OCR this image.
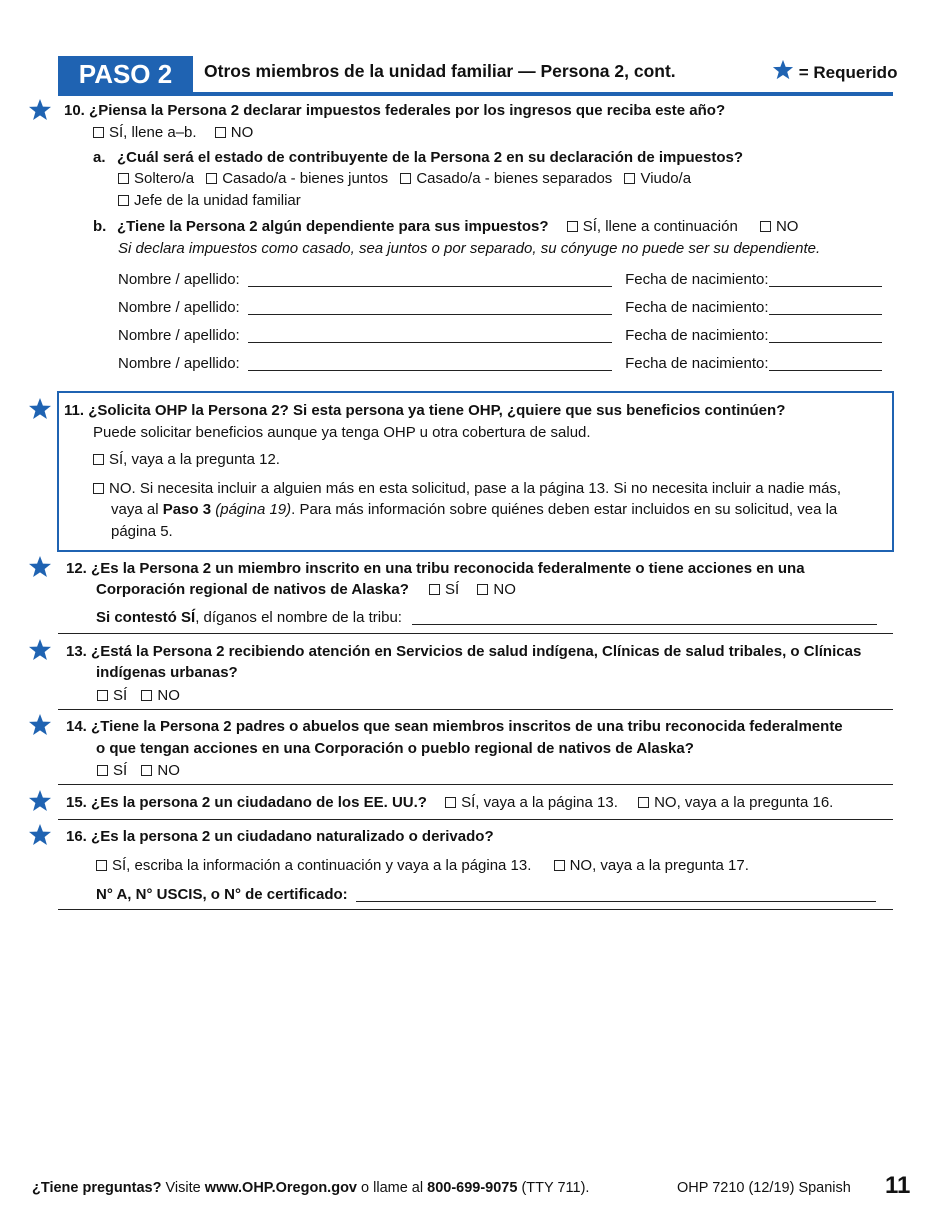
PASO 2	Otros miembros de la unidad familiar — Persona 2, cont.	= Requerido
10. ¿Piensa la Persona 2 declarar impuestos federales por los ingresos que reciba este año?
SÍ, llene a–b. NO
a. ¿Cuál será el estado de contribuyente de la Persona 2 en su declaración de impuestos?
Soltero/a Casado/a - bienes juntos Casado/a - bienes separados Viudo/a
Jefe de la unidad familiar
b. ¿Tiene la Persona 2 algún dependiente para sus impuestos? SÍ, llene a continuación	NO
Si declara impuestos como casado, sea juntos o por separado, su cónyuge no puede ser su dependiente.
Nombre / apellido:	Fecha de nacimiento:
Nombre / apellido:	Fecha de nacimiento:
Nombre / apellido:	Fecha de nacimiento:
Nombre / apellido:	Fecha de nacimiento:
11. ¿Solicita OHP la Persona 2? Si esta persona ya tiene OHP, ¿quiere que sus beneficios continúen?
Puede solicitar beneficios aunque ya tenga OHP u otra cobertura de salud.
SÍ, vaya a la pregunta 12.
NO. Si necesita incluir a alguien más en esta solicitud, pase a la página 13. Si no necesita incluir a nadie más,
vaya al Paso 3 (página 19). Para más información sobre quiénes deben estar incluidos en su solicitud, vea la
página 5.
12. ¿Es la Persona 2 un miembro inscrito en una tribu reconocida federalmente o tiene acciones en una
Corporación regional de nativos de Alaska? SÍ NO
Si contestó SÍ, díganos el nombre de la tribu:
13. ¿Está la Persona 2 recibiendo atención en Servicios de salud indígena, Clínicas de salud tribales, o Clínicas
indígenas urbanas?
SÍ NO
14. ¿Tiene la Persona 2 padres o abuelos que sean miembros inscritos de una tribu reconocida federalmente
o que tengan acciones en una Corporación o pueblo regional de nativos de Alaska?
SÍ NO
15. ¿Es la persona 2 un ciudadano de los EE. UU.? SÍ, vaya a la página 13. NO, vaya a la pregunta 16.
16. ¿Es la persona 2 un ciudadano naturalizado o derivado?
SÍ, escriba la información a continuación y vaya a la página 13.	NO, vaya a la pregunta 17.
N° A, N° USCIS, o N° de certificado:
¿Tiene preguntas? Visite www.OHP.Oregon.gov o llame al 800-699-9075 (TTY 711).	OHP 7210 (12/19) Spanish 11
